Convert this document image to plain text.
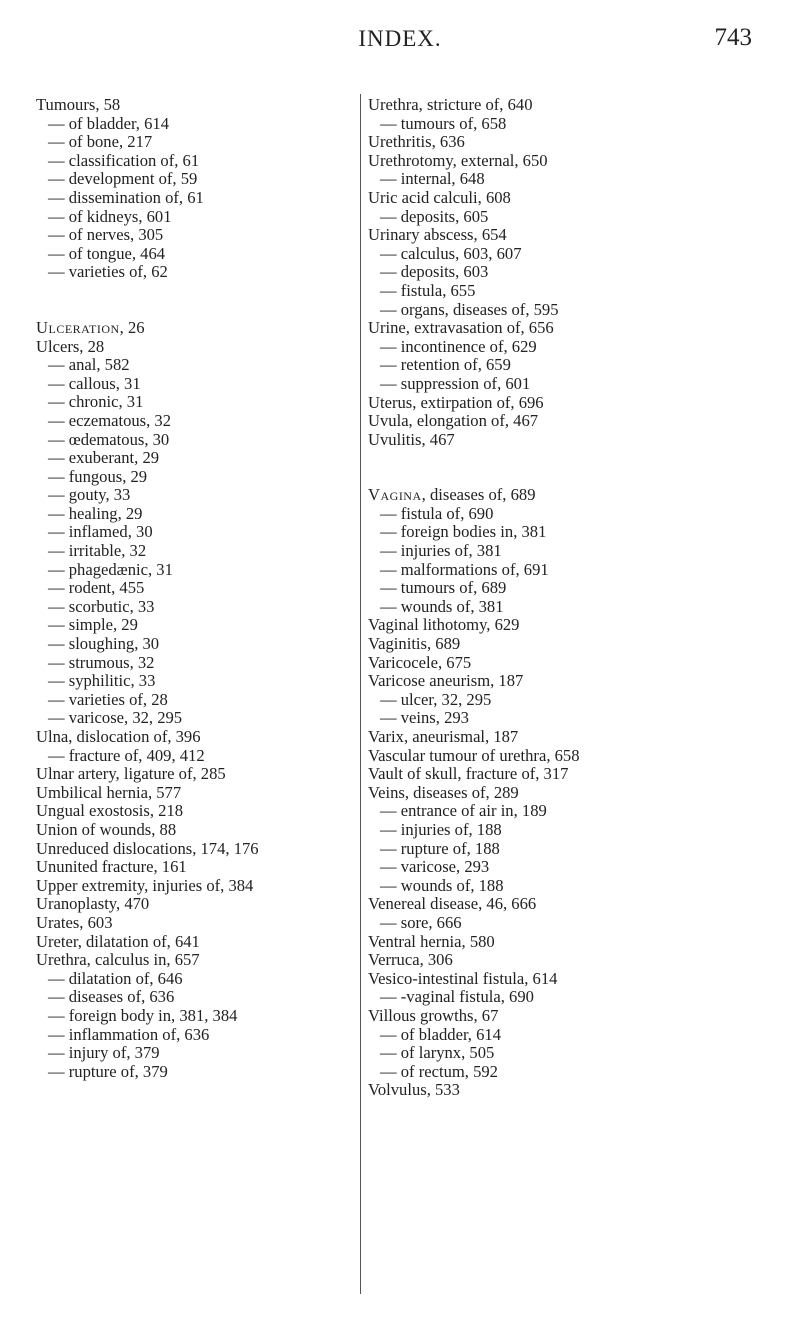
INDEX.	743
Tumours, 58
— of bladder, 614
— of bone, 217
— classification of, 61
— development of, 59
— dissemination of, 61
— of kidneys, 601
— of nerves, 305
— of tongue, 464
— varieties of, 62
Ulceration, 26
Ulcers, 28
— anal, 582
— callous, 31
— chronic, 31
— eczematous, 32
— œdematous, 30
— exuberant, 29
— fungous, 29
— gouty, 33
— healing, 29
— inflamed, 30
— irritable, 32
— phagedænic, 31
— rodent, 455
— scorbutic, 33
— simple, 29
— sloughing, 30
— strumous, 32
— syphilitic, 33
— varieties of, 28
— varicose, 32, 295
Ulna, dislocation of, 396
— fracture of, 409, 412
Ulnar artery, ligature of, 285
Umbilical hernia, 577
Ungual exostosis, 218
Union of wounds, 88
Unreduced dislocations, 174, 176
Ununited fracture, 161
Upper extremity, injuries of, 384
Uranoplasty, 470
Urates, 603
Ureter, dilatation of, 641
Urethra, calculus in, 657
— dilatation of, 646
— diseases of, 636
— foreign body in, 381, 384
— inflammation of, 636
— injury of, 379
— rupture of, 379
Urethra, stricture of, 640
— tumours of, 658
Urethritis, 636
Urethrotomy, external, 650
— internal, 648
Uric acid calculi, 608
— deposits, 605
Urinary abscess, 654
— calculus, 603, 607
— deposits, 603
— fistula, 655
— organs, diseases of, 595
Urine, extravasation of, 656
— incontinence of, 629
— retention of, 659
— suppression of, 601
Uterus, extirpation of, 696
Uvula, elongation of, 467
Uvulitis, 467
Vagina, diseases of, 689
— fistula of, 690
— foreign bodies in, 381
— injuries of, 381
— malformations of, 691
— tumours of, 689
— wounds of, 381
Vaginal lithotomy, 629
Vaginitis, 689
Varicocele, 675
Varicose aneurism, 187
— ulcer, 32, 295
— veins, 293
Varix, aneurismal, 187
Vascular tumour of urethra, 658
Vault of skull, fracture of, 317
Veins, diseases of, 289
— entrance of air in, 189
— injuries of, 188
— rupture of, 188
— varicose, 293
— wounds of, 188
Venereal disease, 46, 666
— sore, 666
Ventral hernia, 580
Verruca, 306
Vesico-intestinal fistula, 614
— -vaginal fistula, 690
Villous growths, 67
— of bladder, 614
— of larynx, 505
— of rectum, 592
Volvulus, 533
